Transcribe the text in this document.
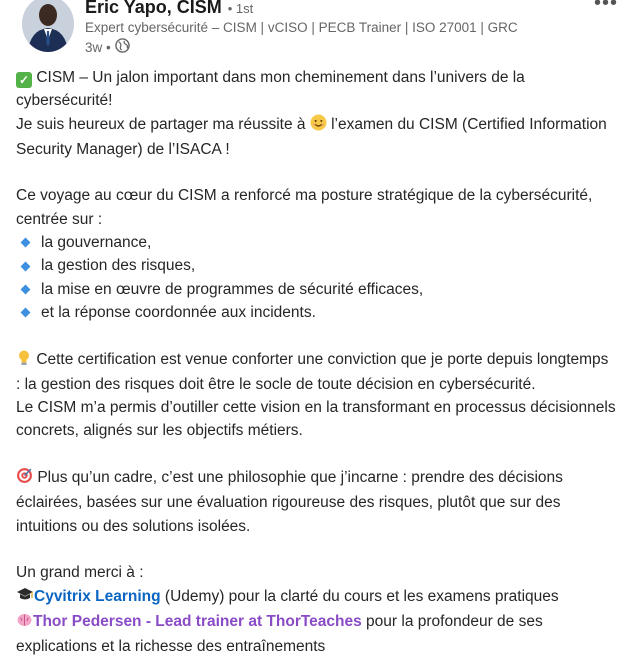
Eric Yapo, CISM • 1st
Expert cybersécurité – CISM | vCISO | PECB Trainer | ISO 27001 | GRC
3w •
•••

✓ CISM – Un jalon important dans mon cheminement dans l’univers de la cybersécurité!

Je suis heureux de partager ma réussite à  l’examen du CISM (Certified Information Security Manager) de l’ISACA !

Ce voyage au cœur du CISM a renforcé ma posture stratégique de la cybersécurité, centrée sur :

la gouvernance,
la gestion des risques,
la mise en œuvre de programmes de sécurité efficaces,
et la réponse coordonnée aux incidents.

Cette certification est venue conforter une conviction que je porte depuis longtemps : la gestion des risques doit être le socle de toute décision en cybersécurité.

Le CISM m’a permis d’outiller cette vision en la transformant en processus décisionnels concrets, alignés sur les objectifs métiers.

Plus qu’un cadre, c’est une philosophie que j’incarne : prendre des décisions éclairées, basées sur une évaluation rigoureuse des risques, plutôt que sur des intuitions ou des solutions isolées.

Un grand merci à :

Cyvitrix Learning (Udemy) pour la clarté du cours et les examens pratiques

Thor Pedersen - Lead trainer at ThorTeaches pour la profondeur de ses explications et la richesse des entraînements
